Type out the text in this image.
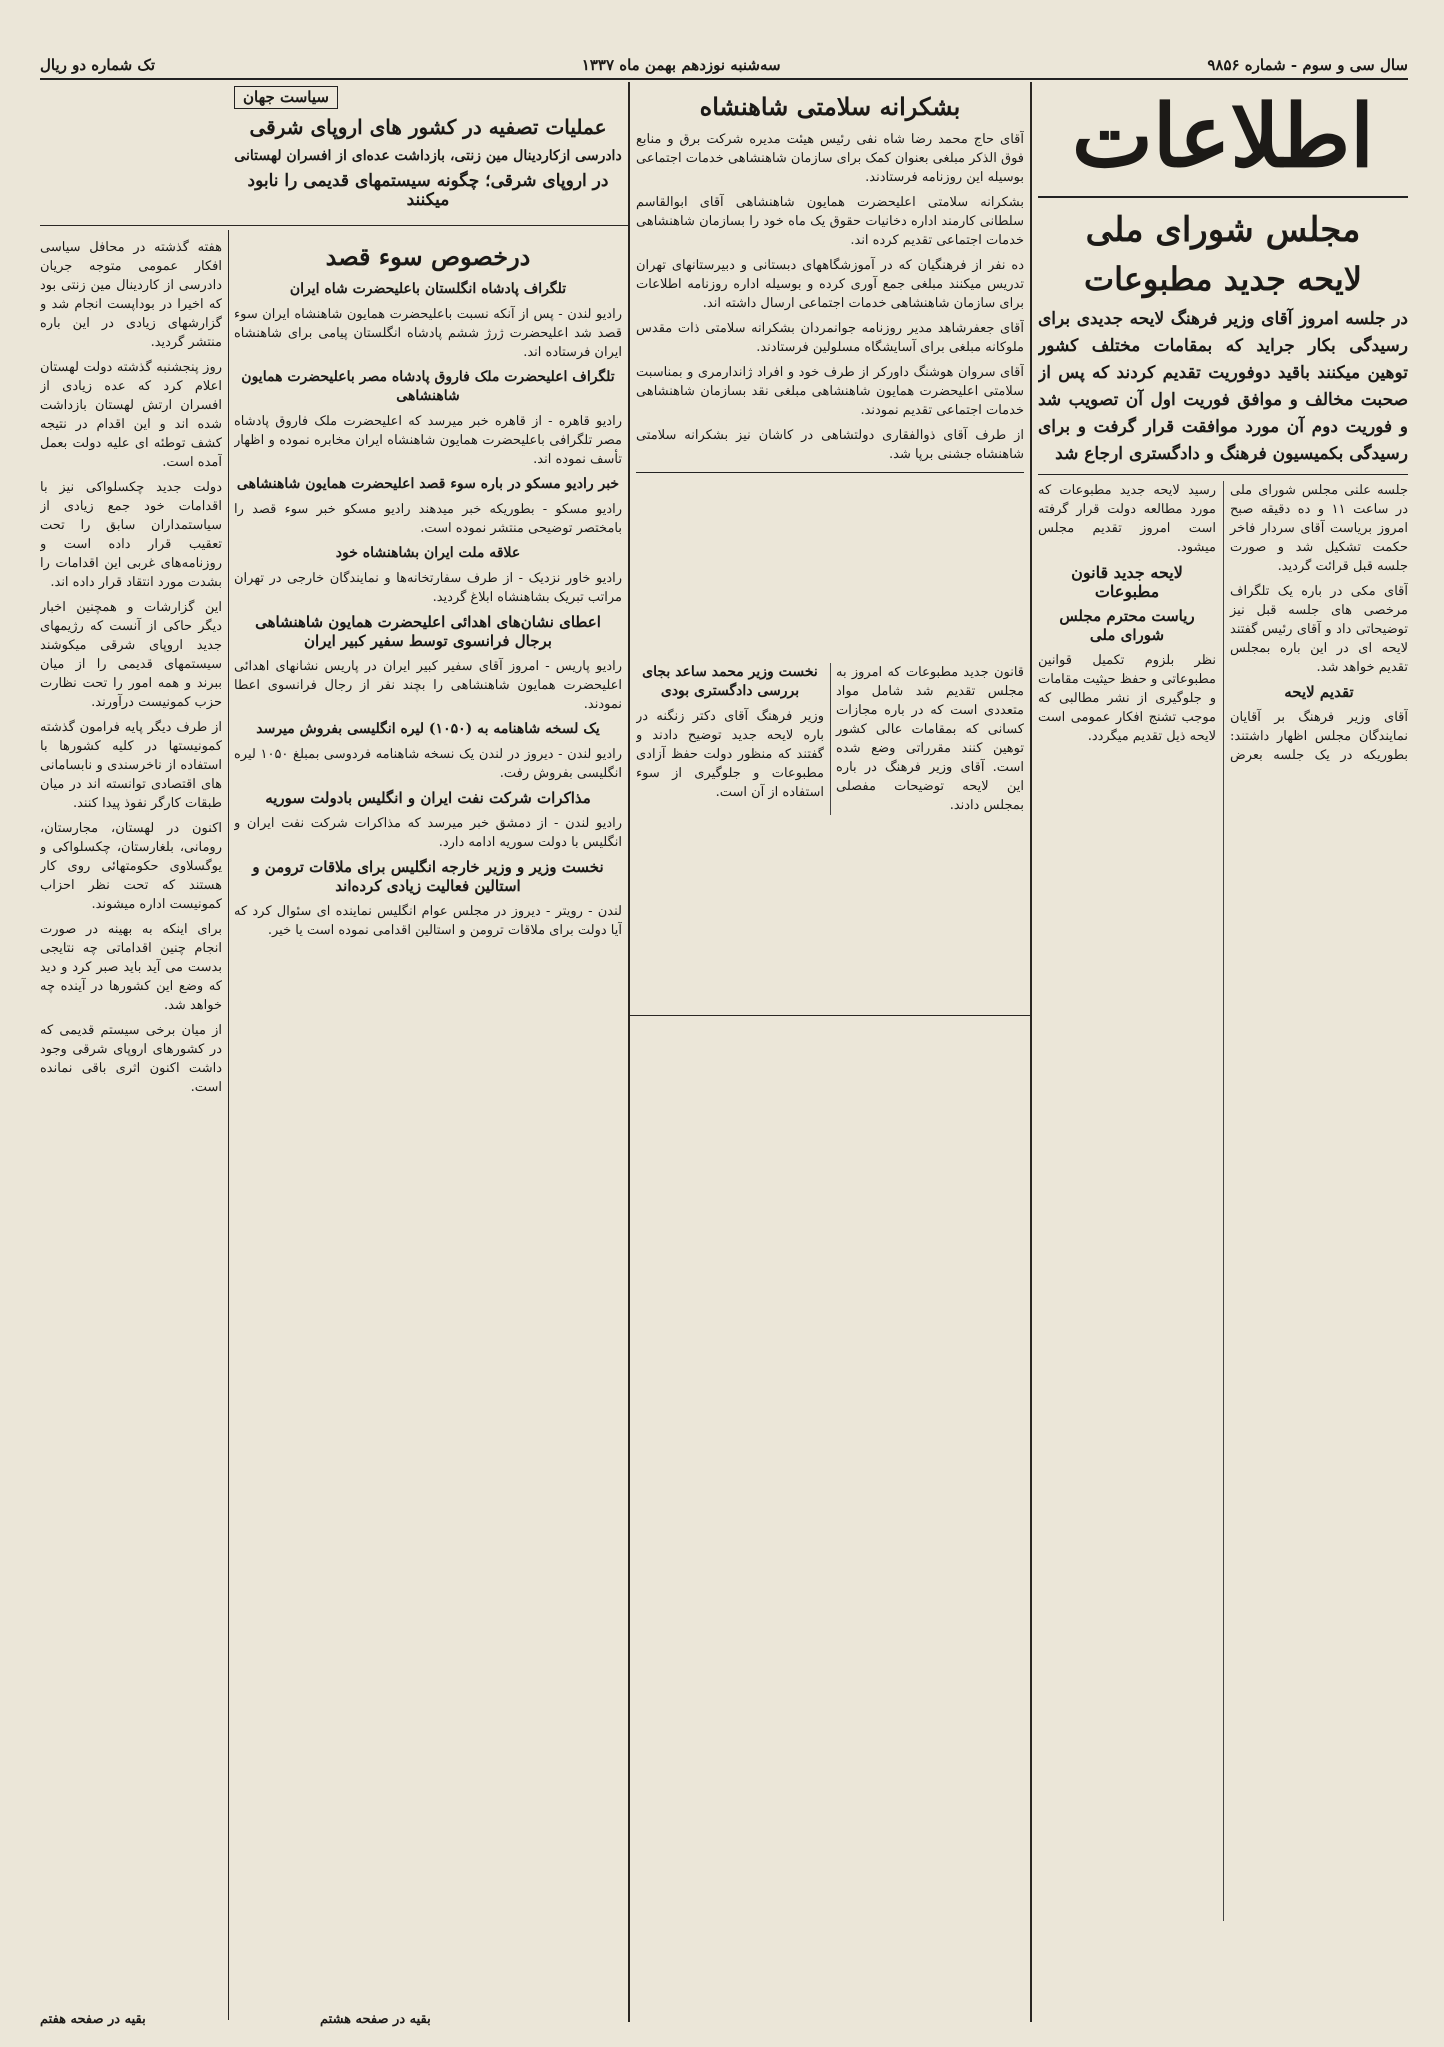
سال سی و سوم - شماره ۹۸۵۶
سه‌شنبه نوزدهم بهمن ماه ۱۳۳۷
تک شماره دو ریال
اطلاعات
مجلس شورای ملی
لایحه جدید مطبوعات

در جلسه امروز آقای وزیر فرهنگ لایحه جدیدی برای رسیدگی بکار جراید که بمقامات مختلف کشور توهین میکنند باقید دوفوریت تقدیم کردند که پس از صحبت مخالف و موافق فوریت اول آن تصویب شد و فوریت دوم آن مورد موافقت قرار گرفت و برای رسیدگی بکمیسیون فرهنگ و دادگستری ارجاع شد

جلسه علنی مجلس شورای ملی در ساعت ۱۱ و ده دقیقه صبح امروز بریاست آقای سردار فاخر حکمت تشکیل شد و صورت جلسه قبل قرائت گردید.

آقای مکی در باره یک تلگراف مرخصی های جلسه قبل نیز توضیحاتی داد و آقای رئیس گفتند لایحه ای در این باره بمجلس تقدیم خواهد شد.

تقدیم لایحه

آقای وزیر فرهنگ بر آقایان نمایندگان مجلس اظهار داشتند: بطوریکه در یک جلسه بعرض رسید لایحه جدید مطبوعات که مورد مطالعه دولت قرار گرفته است امروز تقدیم مجلس میشود.

لایحه جدید قانون مطبوعات
ریاست محترم مجلس شورای ملی

نظر بلزوم تکمیل قوانین مطبوعاتی و حفظ حیثیت مقامات و جلوگیری از نشر مطالبی که موجب تشنج افکار عمومی است لایحه ذیل تقدیم میگردد.

بشکرانه سلامتی شاهنشاه

آقای حاج محمد رضا شاه نفی رئیس هیئت مدیره شرکت برق و منابع فوق الذکر مبلغی بعنوان کمک برای سازمان شاهنشاهی خدمات اجتماعی بوسیله این روزنامه فرستادند.

بشکرانه سلامتی اعلیحضرت همایون شاهنشاهی آقای ابوالقاسم سلطانی کارمند اداره دخانیات حقوق یک ماه خود را بسازمان شاهنشاهی خدمات اجتماعی تقدیم کرده اند.

ده نفر از فرهنگیان که در آموزشگاههای دبستانی و دبیرستانهای تهران تدریس میکنند مبلغی جمع آوری کرده و بوسیله اداره روزنامه اطلاعات برای سازمان شاهنشاهی خدمات اجتماعی ارسال داشته اند.

آقای جعفرشاهد مدیر روزنامه جوانمردان بشکرانه سلامتی ذات مقدس ملوکانه مبلغی برای آسایشگاه مسلولین فرستادند.

آقای سروان هوشنگ داورکر از طرف خود و افراد ژاندارمری و بمناسبت سلامتی اعلیحضرت همایون شاهنشاهی مبلغی نقد بسازمان شاهنشاهی خدمات اجتماعی تقدیم نمودند.

از طرف آقای ذوالفقاری دولتشاهی در کاشان نیز بشکرانه سلامتی شاهنشاه جشنی برپا شد.

قانون جدید مطبوعات که امروز به مجلس تقدیم شد شامل مواد متعددی است که در باره مجازات کسانی که بمقامات عالی کشور توهین کنند مقرراتی وضع شده است. آقای وزیر فرهنگ در باره این لایحه توضیحات مفصلی بمجلس دادند.

نخست وزیر محمد ساعد بجای بررسی دادگستری بودی

وزیر فرهنگ آقای دکتر زنگنه در باره لایحه جدید توضیح دادند و گفتند که منظور دولت حفظ آزادی مطبوعات و جلوگیری از سوء استفاده از آن است.

سیاست جهان
عملیات تصفیه در کشور های اروپای شرقی
دادرسی ازکاردینال مین زنتی، بازداشت عده‌ای از افسران لهستانی
در اروپای شرقی؛ چگونه سیستمهای قدیمی را نابود میکنند
درخصوص سوء قصد
تلگراف پادشاه انگلستان باعلیحضرت شاه ایران

رادیو لندن - پس از آنکه نسبت باعلیحضرت همایون شاهنشاه ایران سوء قصد شد اعلیحضرت ژرژ ششم پادشاه انگلستان پیامی برای شاهنشاه ایران فرستاده اند.

تلگراف اعلیحضرت ملک فاروق پادشاه مصر باعلیحضرت همایون شاهنشاهی

رادیو قاهره - از قاهره خبر میرسد که اعلیحضرت ملک فاروق پادشاه مصر تلگرافی باعلیحضرت همایون شاهنشاه ایران مخابره نموده و اظهار تأسف نموده اند.

خبر رادیو مسکو در باره سوء قصد اعلیحضرت همایون شاهنشاهی

رادیو مسکو - بطوریکه خبر میدهند رادیو مسکو خبر سوء قصد را بامختصر توضیحی منتشر نموده است.

علاقه ملت ایران بشاهنشاه خود

رادیو خاور نزدیک - از طرف سفارتخانه‌ها و نمایندگان خارجی در تهران مراتب تبریک بشاهنشاه ابلاغ گردید.

اعطای نشان‌های اهدائی اعلیحضرت همایون شاهنشاهی برجال فرانسوی توسط سفیر کبیر ایران

رادیو پاریس - امروز آقای سفیر کبیر ایران در پاریس نشانهای اهدائی اعلیحضرت همایون شاهنشاهی را بچند نفر از رجال فرانسوی اعطا نمودند.

یک لسخه شاهنامه به (۱۰۵۰) لیره انگلیسی بفروش میرسد

رادیو لندن - دیروز در لندن یک نسخه شاهنامه فردوسی بمبلغ ۱۰۵۰ لیره انگلیسی بفروش رفت.

مذاکرات شرکت نفت ایران و انگلیس بادولت سوریه

رادیو لندن - از دمشق خبر میرسد که مذاکرات شرکت نفت ایران و انگلیس با دولت سوریه ادامه دارد.

نخست وزیر و وزیر خارجه انگلیس برای ملاقات ترومن و استالین فعالیت زیادی کرده‌اند

لندن - رویتر - دیروز در مجلس عوام انگلیس نماینده ای سئوال کرد که آیا دولت برای ملاقات ترومن و استالین اقدامی نموده است یا خیر.

هفته گذشته در محافل سیاسی افکار عمومی متوجه جریان دادرسی از کاردینال مین زنتی بود که اخیرا در بوداپست انجام شد و گزارشهای زیادی در این باره منتشر گردید.

روز پنجشنبه گذشته دولت لهستان اعلام کرد که عده زیادی از افسران ارتش لهستان بازداشت شده اند و این اقدام در نتیجه کشف توطئه ای علیه دولت بعمل آمده است.

دولت جدید چکسلواکی نیز با اقدامات خود جمع زیادی از سیاستمداران سابق را تحت تعقیب قرار داده است و روزنامه‌های غربی این اقدامات را بشدت مورد انتقاد قرار داده اند.

این گزارشات و همچنین اخبار دیگر حاکی از آنست که رژیمهای جدید اروپای شرقی میکوشند سیستمهای قدیمی را از میان ببرند و همه امور را تحت نظارت حزب کمونیست درآورند.

از طرف دیگر پایه فرامون گذشته کمونیستها در کلیه کشورها با استفاده از ناخرسندی و نابسامانی های اقتصادی توانسته اند در میان طبقات کارگر نفوذ پیدا کنند.

اکنون در لهستان، مجارستان، رومانی، بلغارستان، چکسلواکی و یوگسلاوی حکومتهائی روی کار هستند که تحت نظر احزاب کمونیست اداره میشوند.

برای اینکه به بهینه در صورت انجام چنین اقداماتی چه نتایجی بدست می آید باید صبر کرد و دید که وضع این کشورها در آینده چه خواهد شد.

از میان برخی سیستم قدیمی که در کشورهای اروپای شرقی وجود داشت اکنون اثری باقی نمانده است.

بقیه در صفحه هفتم	بقیه در صفحه هشتم
